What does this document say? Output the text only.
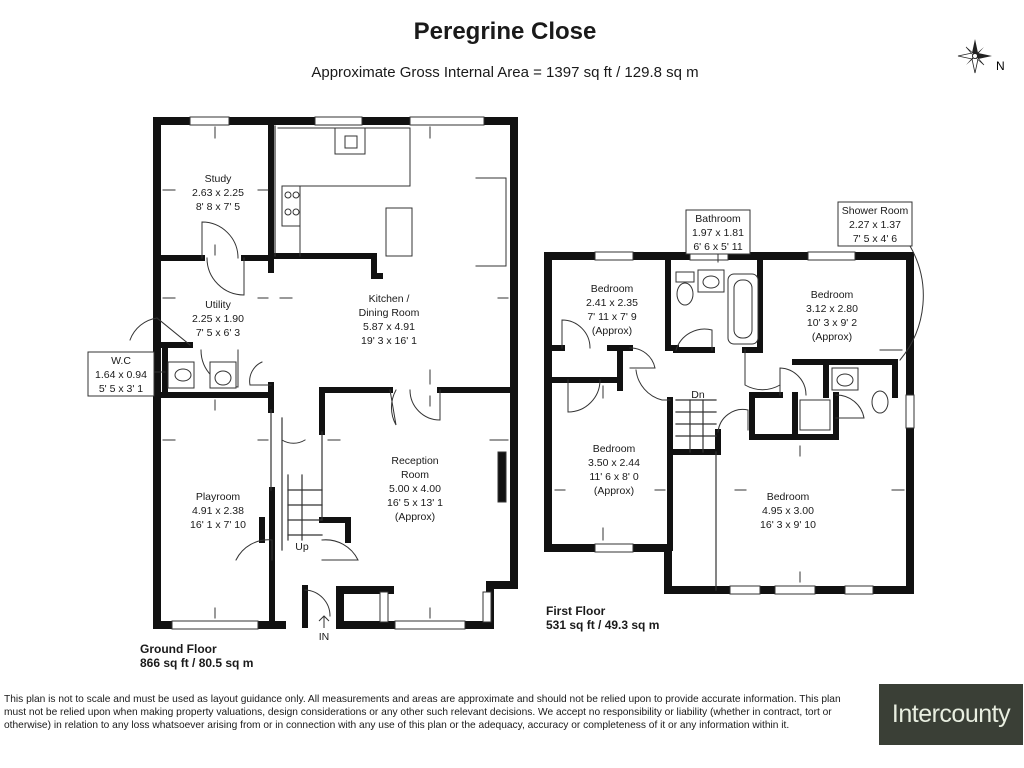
Peregrine Close
Approximate Gross Internal Area = 1397 sq ft / 129.8 sq m	N
Study
2.63 x 2.25
8' 8 x 7' 5
Kitchen /
Dining Room
5.87 x 4.91
19' 3 x 16' 1
Utility
2.25 x 1.90
7' 5 x 6' 3
W.C
1.64 x 0.94
5' 5 x 3' 1
Playroom
4.91 x 2.38
16' 1 x 7' 10
Reception
Room
5.00 x 4.00
16' 5 x 13' 1
(Approx)
Bathroom
1.97 x 1.81
6' 6 x 5' 11
Shower Room
2.27 x 1.37
7' 5 x 4' 6
Bedroom
2.41 x 2.35
7' 11 x 7' 9
(Approx)
Bedroom
3.12 x 2.80
10' 3 x 9' 2
(Approx)
Bedroom
3.50 x 2.44
11' 6 x 8' 0
(Approx)	Bedroom
4.95 x 3.00
16' 3 x 9' 10
Up
Dn
IN
Ground Floor
866 sq ft / 80.5 sq m
First Floor
531 sq ft / 49.3 sq m
This plan is not to scale and must be used as layout guidance only. All measurements and areas are approximate and should not be relied upon to provide accurate information. This plan must not be relied upon when making property valuations, design considerations or any other such relevant decisions. We accept no responsibility or liability (whether in contract, tort or otherwise) in relation to any loss whatsoever arising from or in connection with any use of this plan or the adequacy, accuracy or completeness of it or any information within it.	Intercounty
